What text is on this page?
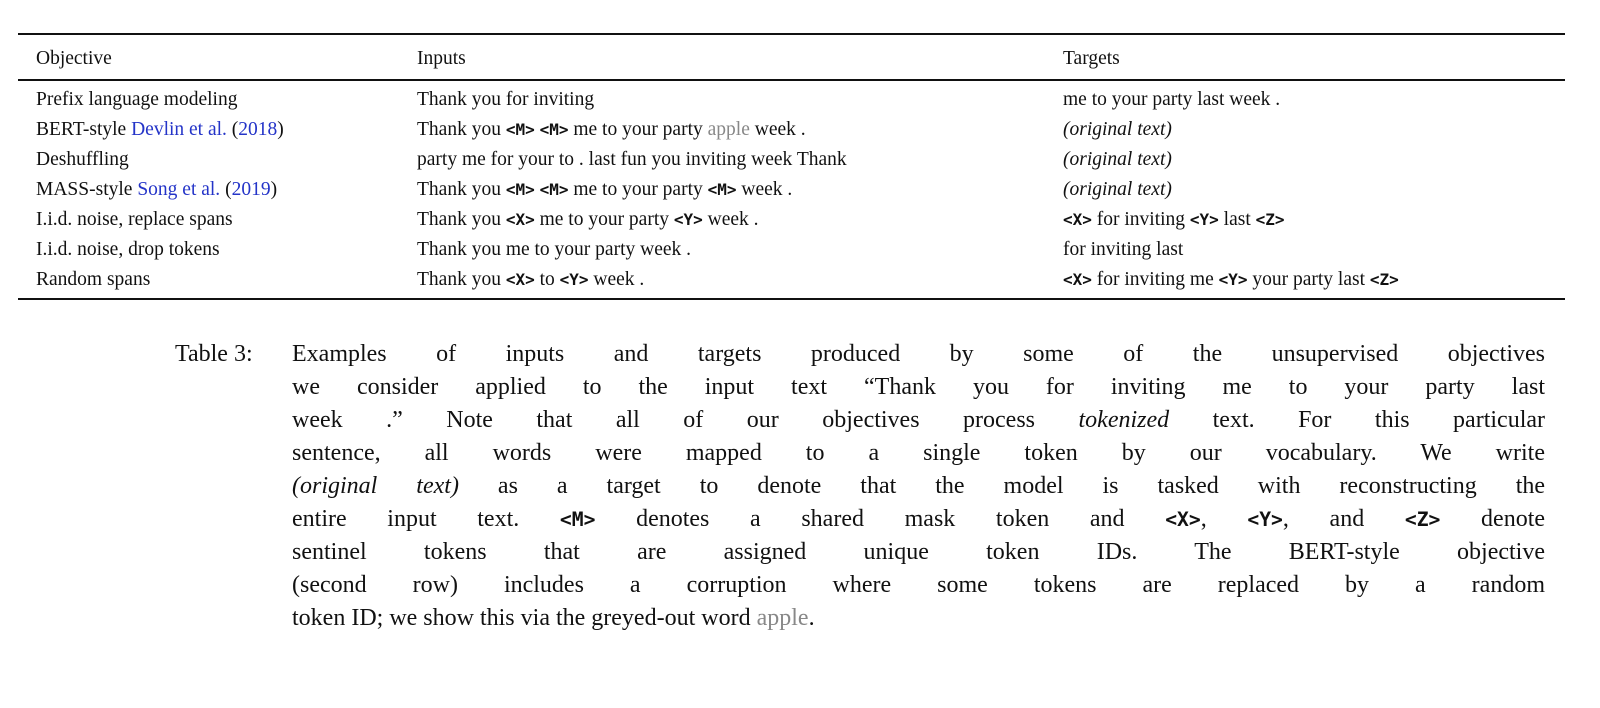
Objective	Inputs	Targets
Prefix language modeling	Thank you for inviting	me to your party last week .
BERT-style Devlin et al. (2018)	Thank you <M> <M> me to your party apple week .	(original text)
Deshuffling	party me for your to . last fun you inviting week Thank	(original text)
MASS-style Song et al. (2019)	Thank you <M> <M> me to your party <M> week .	(original text)
I.i.d. noise, replace spans	Thank you <X> me to your party <Y> week .	<X> for inviting <Y> last <Z>
I.i.d. noise, drop tokens	Thank you me to your party week .	for inviting last
Random spans	Thank you <X> to <Y> week .	<X> for inviting me <Y> your party last <Z>
Table 3: Examples of inputs and targets produced by some of the unsupervised objectives
we consider applied to the input text “Thank you for inviting me to your party last
week .” Note that all of our objectives process tokenized text. For this particular
sentence, all words were mapped to a single token by our vocabulary. We write
(original text) as a target to denote that the model is tasked with reconstructing the
entire input text. <M> denotes a shared mask token and <X>, <Y>, and <Z> denote
sentinel tokens that are assigned unique token IDs. The BERT-style objective
(second row) includes a corruption where some tokens are replaced by a random
token ID; we show this via the greyed-out word apple.
